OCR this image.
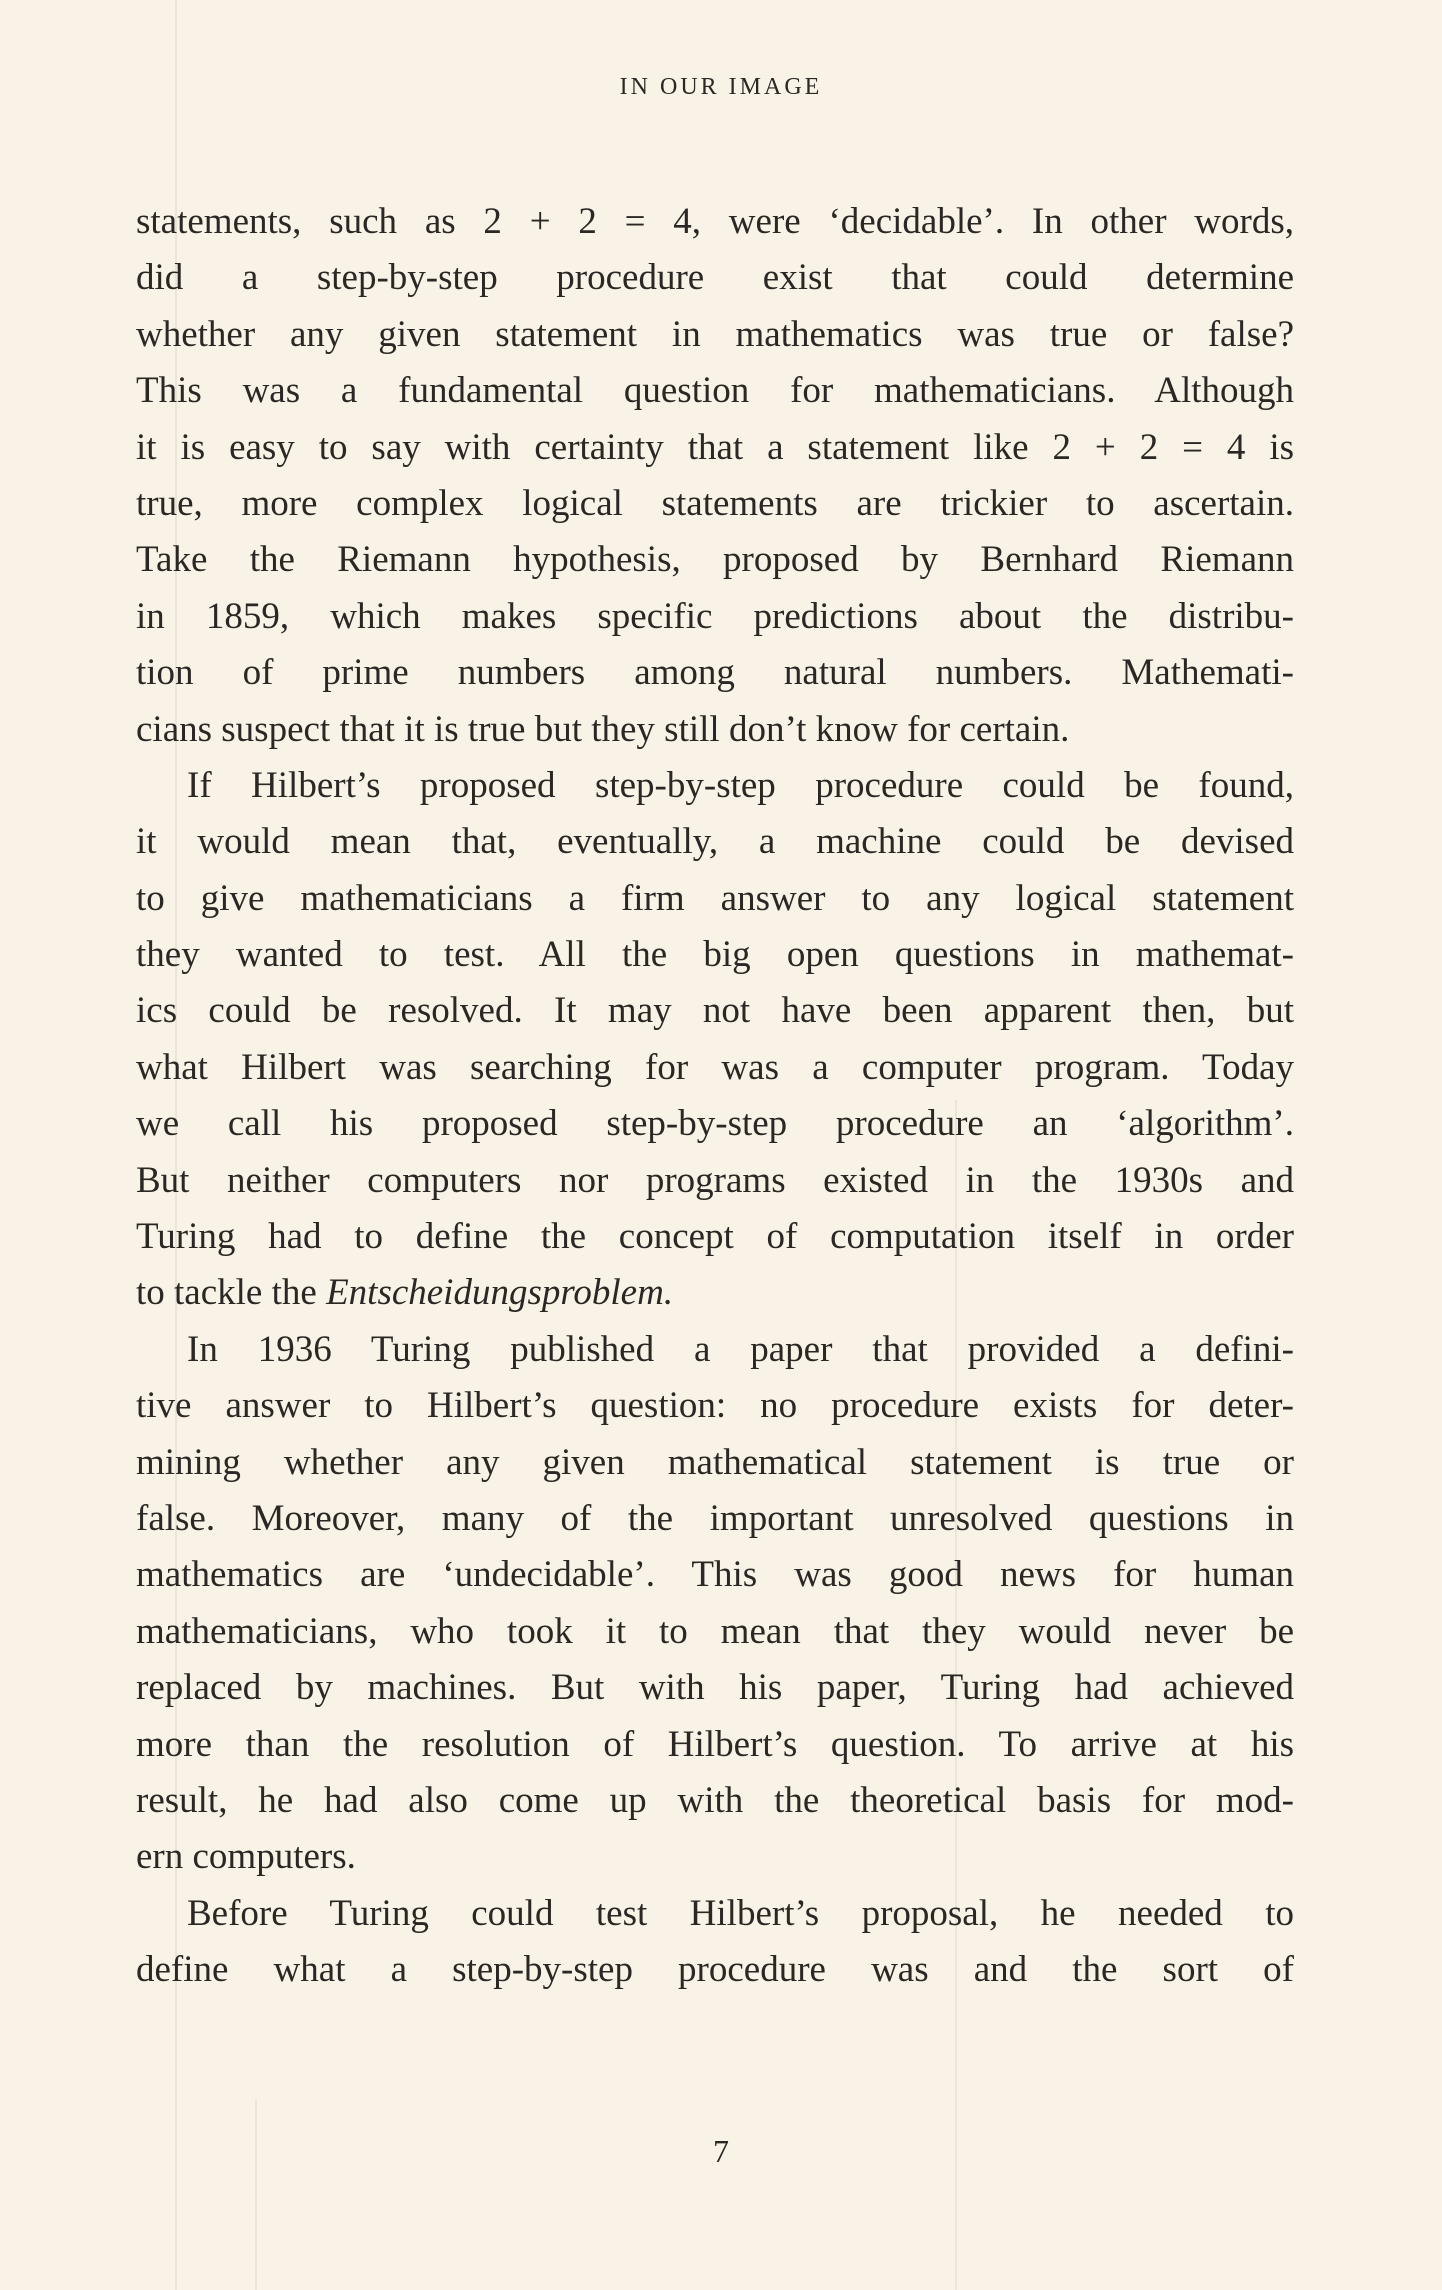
IN OUR IMAGE
statements, such as 2 + 2 = 4, were ‘decidable’. In other words,
did a step-by-step procedure exist that could determine
whether any given statement in mathematics was true or false?
This was a fundamental question for mathematicians. Although
it is easy to say with certainty that a statement like 2 + 2 = 4 is
true, more complex logical statements are trickier to ascertain.
Take the Riemann hypothesis, proposed by Bernhard Riemann
in 1859, which makes specific predictions about the distribu-
tion of prime numbers among natural numbers. Mathemati-
cians suspect that it is true but they still don’t know for certain.
If Hilbert’s proposed step-by-step procedure could be found,
it would mean that, eventually, a machine could be devised
to give mathematicians a firm answer to any logical statement
they wanted to test. All the big open questions in mathemat-
ics could be resolved. It may not have been apparent then, but
what Hilbert was searching for was a computer program. Today
we call his proposed step-by-step procedure an ‘algorithm’.
But neither computers nor programs existed in the 1930s and
Turing had to define the concept of computation itself in order
to tackle the Entscheidungsproblem.
In 1936 Turing published a paper that provided a defini-
tive answer to Hilbert’s question: no procedure exists for deter-
mining whether any given mathematical statement is true or
false. Moreover, many of the important unresolved questions in
mathematics are ‘undecidable’. This was good news for human
mathematicians, who took it to mean that they would never be
replaced by machines. But with his paper, Turing had achieved
more than the resolution of Hilbert’s question. To arrive at his
result, he had also come up with the theoretical basis for mod-
ern computers.
Before Turing could test Hilbert’s proposal, he needed to
define what a step-by-step procedure was and the sort of
7
